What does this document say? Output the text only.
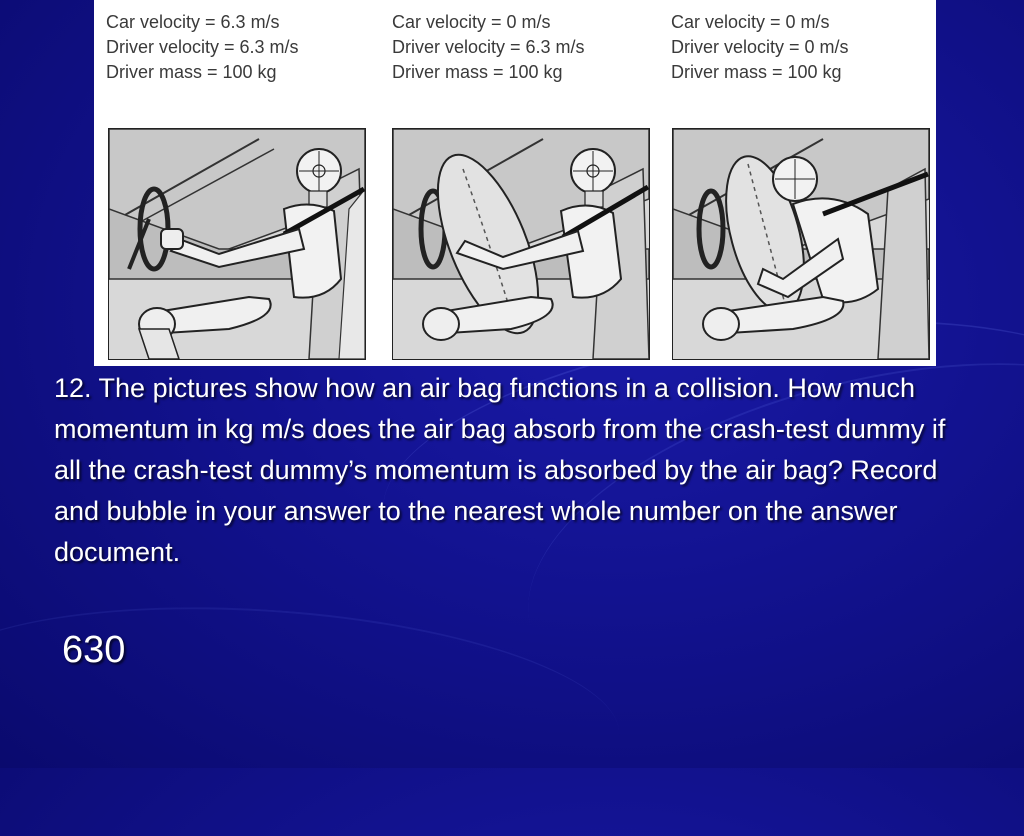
Car velocity = 6.3 m/s
Driver velocity = 6.3 m/s
Driver mass = 100 kg
Car velocity = 0 m/s
Driver velocity = 6.3 m/s
Driver mass = 100 kg
Car velocity = 0 m/s
Driver velocity = 0 m/s
Driver mass = 100 kg
12. The pictures show how an air bag functions in a collision. How much momentum in kg m/s does the air bag absorb from the crash-test dummy if all the crash-test dummy’s momentum is absorbed by the air bag? Record and bubble in your answer to the nearest whole number on the answer document.
630
